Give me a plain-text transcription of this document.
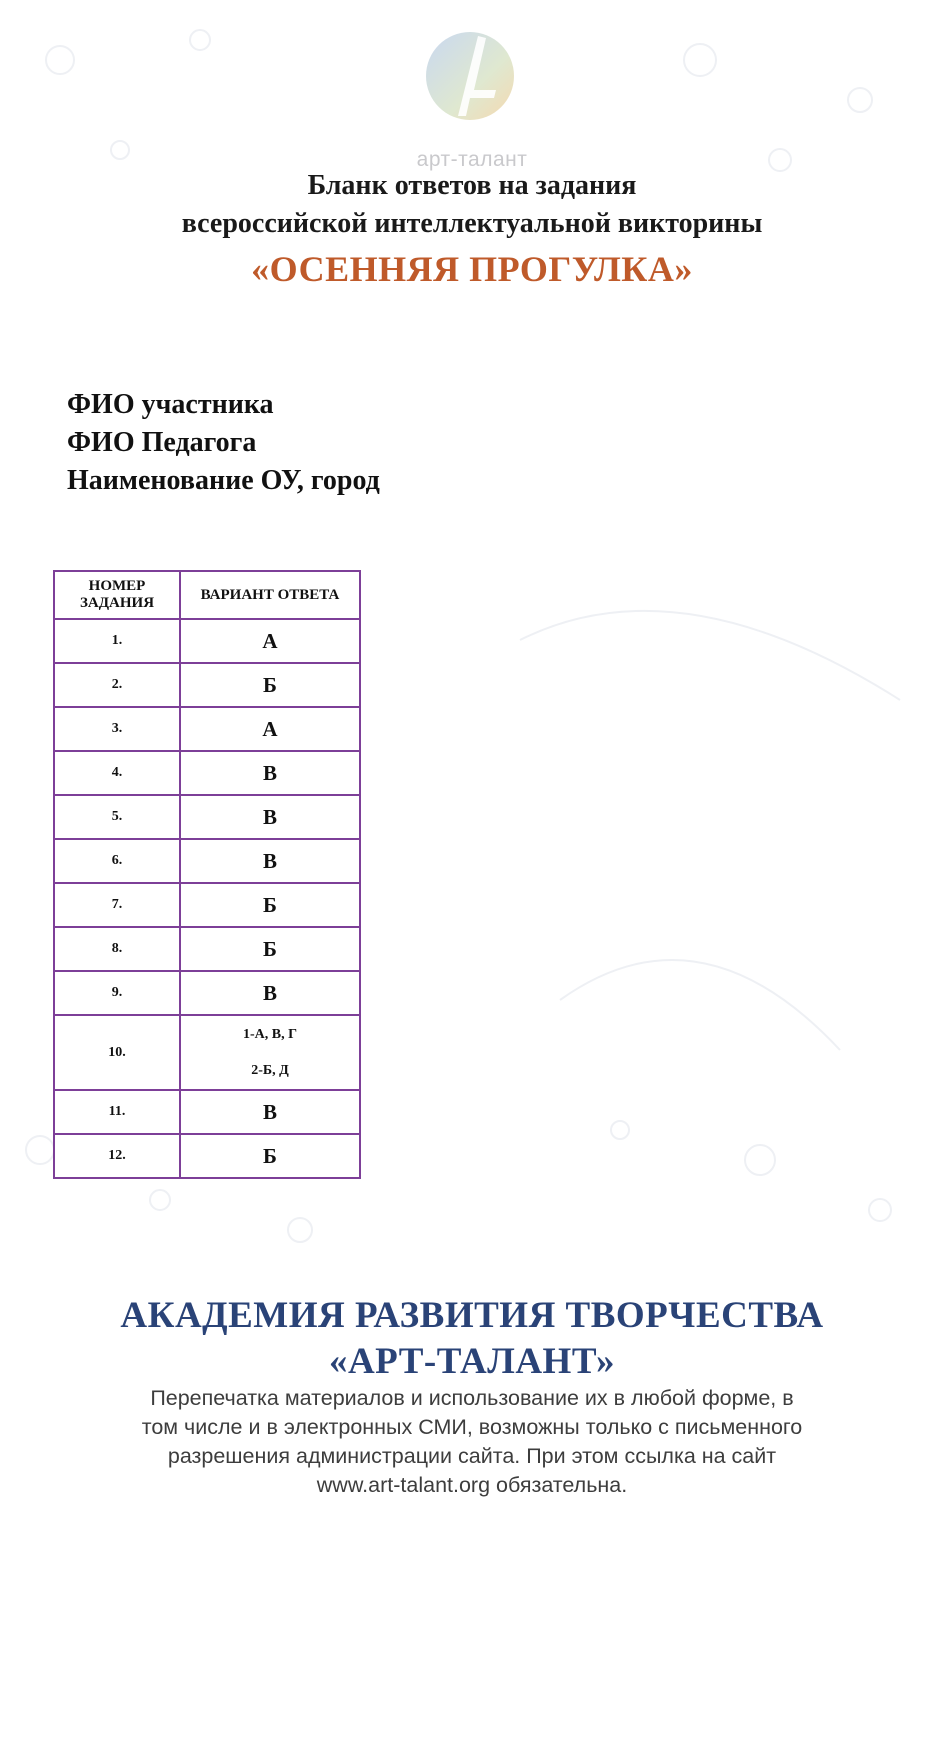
арт-талант
Бланк ответов на задания
всероссийской интеллектуальной викторины
«ОСЕННЯЯ ПРОГУЛКА»
ФИО участника
ФИО Педагога
Наименование ОУ, город
НОМЕР
ЗАДАНИЯ	ВАРИАНТ ОТВЕТА
1.	А
2.	Б
3.	А
4.	В
5.	В
6.	В
7.	Б
8.	Б
9.	В
10.	1-А, В, Г
2-Б, Д
11.	В
12.	Б
АКАДЕМИЯ РАЗВИТИЯ ТВОРЧЕСТВА
«АРТ-ТАЛАНТ»
Перепечатка материалов и использование их в любой форме, в
том числе и в электронных СМИ, возможны только с письменного
разрешения администрации сайта. При этом ссылка на сайт
www.art-talant.org обязательна.
